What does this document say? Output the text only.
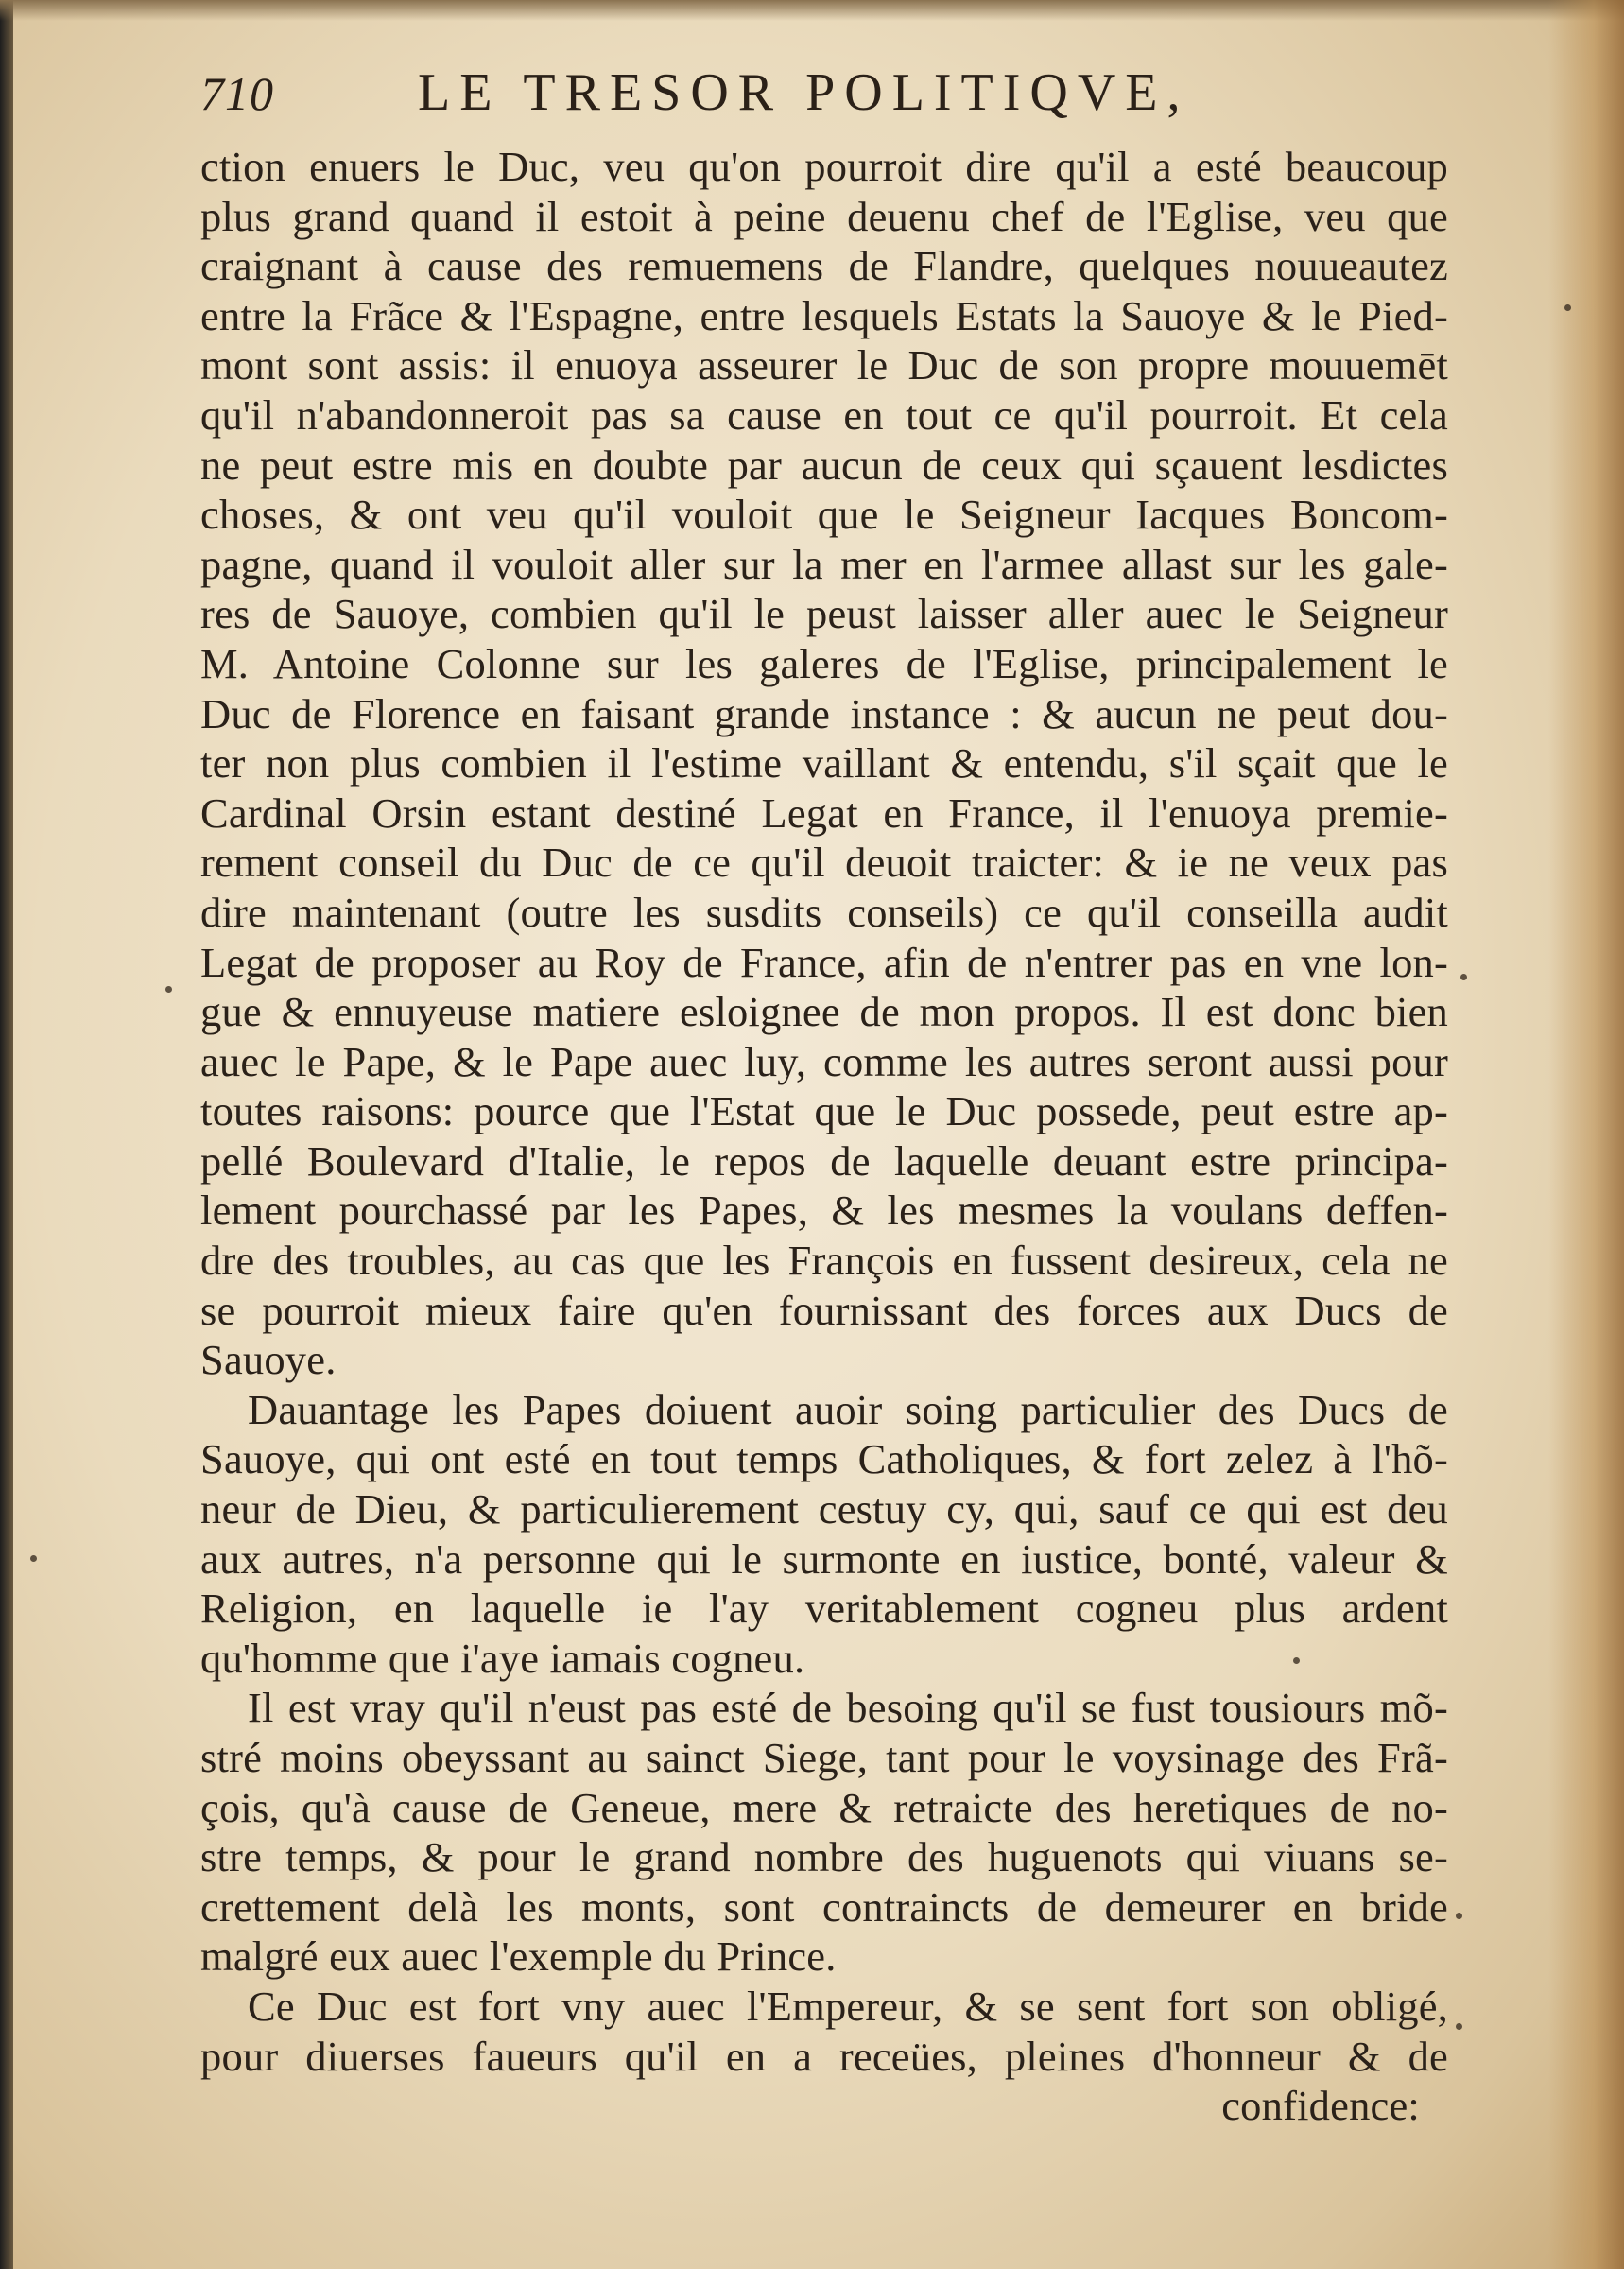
710	LE TRESOR POLITIQVE,
ction enuers le Duc, veu qu'on pourroit dire qu'il a esté beaucoup
plus grand quand il estoit à peine deuenu chef de l'Eglise, veu que
craignant à cause des remuemens de Flandre, quelques nouueautez
entre la Frãce & l'Espagne, entre lesquels Estats la Sauoye & le Pied-
mont sont assis: il enuoya asseurer le Duc de son propre mouuemēt
qu'il n'abandonneroit pas sa cause en tout ce qu'il pourroit. Et cela
ne peut estre mis en doubte par aucun de ceux qui sçauent lesdictes
choses, & ont veu qu'il vouloit que le Seigneur Iacques Boncom-
pagne, quand il vouloit aller sur la mer en l'armee allast sur les gale-
res de Sauoye, combien qu'il le peust laisser aller auec le Seigneur
M. Antoine Colonne sur les galeres de l'Eglise, principalement le
Duc de Florence en faisant grande instance : & aucun ne peut dou-
ter non plus combien il l'estime vaillant & entendu, s'il sçait que le
Cardinal Orsin estant destiné Legat en France, il l'enuoya premie-
rement conseil du Duc de ce qu'il deuoit traicter: & ie ne veux pas
dire maintenant (outre les susdits conseils) ce qu'il conseilla audit
Legat de proposer au Roy de France, afin de n'entrer pas en vne lon-
gue & ennuyeuse matiere esloignee de mon propos. Il est donc bien
auec le Pape, & le Pape auec luy, comme les autres seront aussi pour
toutes raisons: pource que l'Estat que le Duc possede, peut estre ap-
pellé Boulevard d'Italie, le repos de laquelle deuant estre principa-
lement pourchassé par les Papes, & les mesmes la voulans deffen-
dre des troubles, au cas que les François en fussent desireux, cela ne
se pourroit mieux faire qu'en fournissant des forces aux Ducs de
Sauoye.
Dauantage les Papes doiuent auoir soing particulier des Ducs de
Sauoye, qui ont esté en tout temps Catholiques, & fort zelez à l'hõ-
neur de Dieu, & particulierement cestuy cy, qui, sauf ce qui est deu
aux autres, n'a personne qui le surmonte en iustice, bonté, valeur &
Religion, en laquelle ie l'ay veritablement cogneu plus ardent
qu'homme que i'aye iamais cogneu.
Il est vray qu'il n'eust pas esté de besoing qu'il se fust tousiours mõ-
stré moins obeyssant au sainct Siege, tant pour le voysinage des Frã-
çois, qu'à cause de Geneue, mere & retraicte des heretiques de no-
stre temps, & pour le grand nombre des huguenots qui viuans se-
crettement delà les monts, sont contraincts de demeurer en bride
malgré eux auec l'exemple du Prince.
Ce Duc est fort vny auec l'Empereur, & se sent fort son obligé,
pour diuerses faueurs qu'il en a receües, pleines d'honneur & de
confidence:
